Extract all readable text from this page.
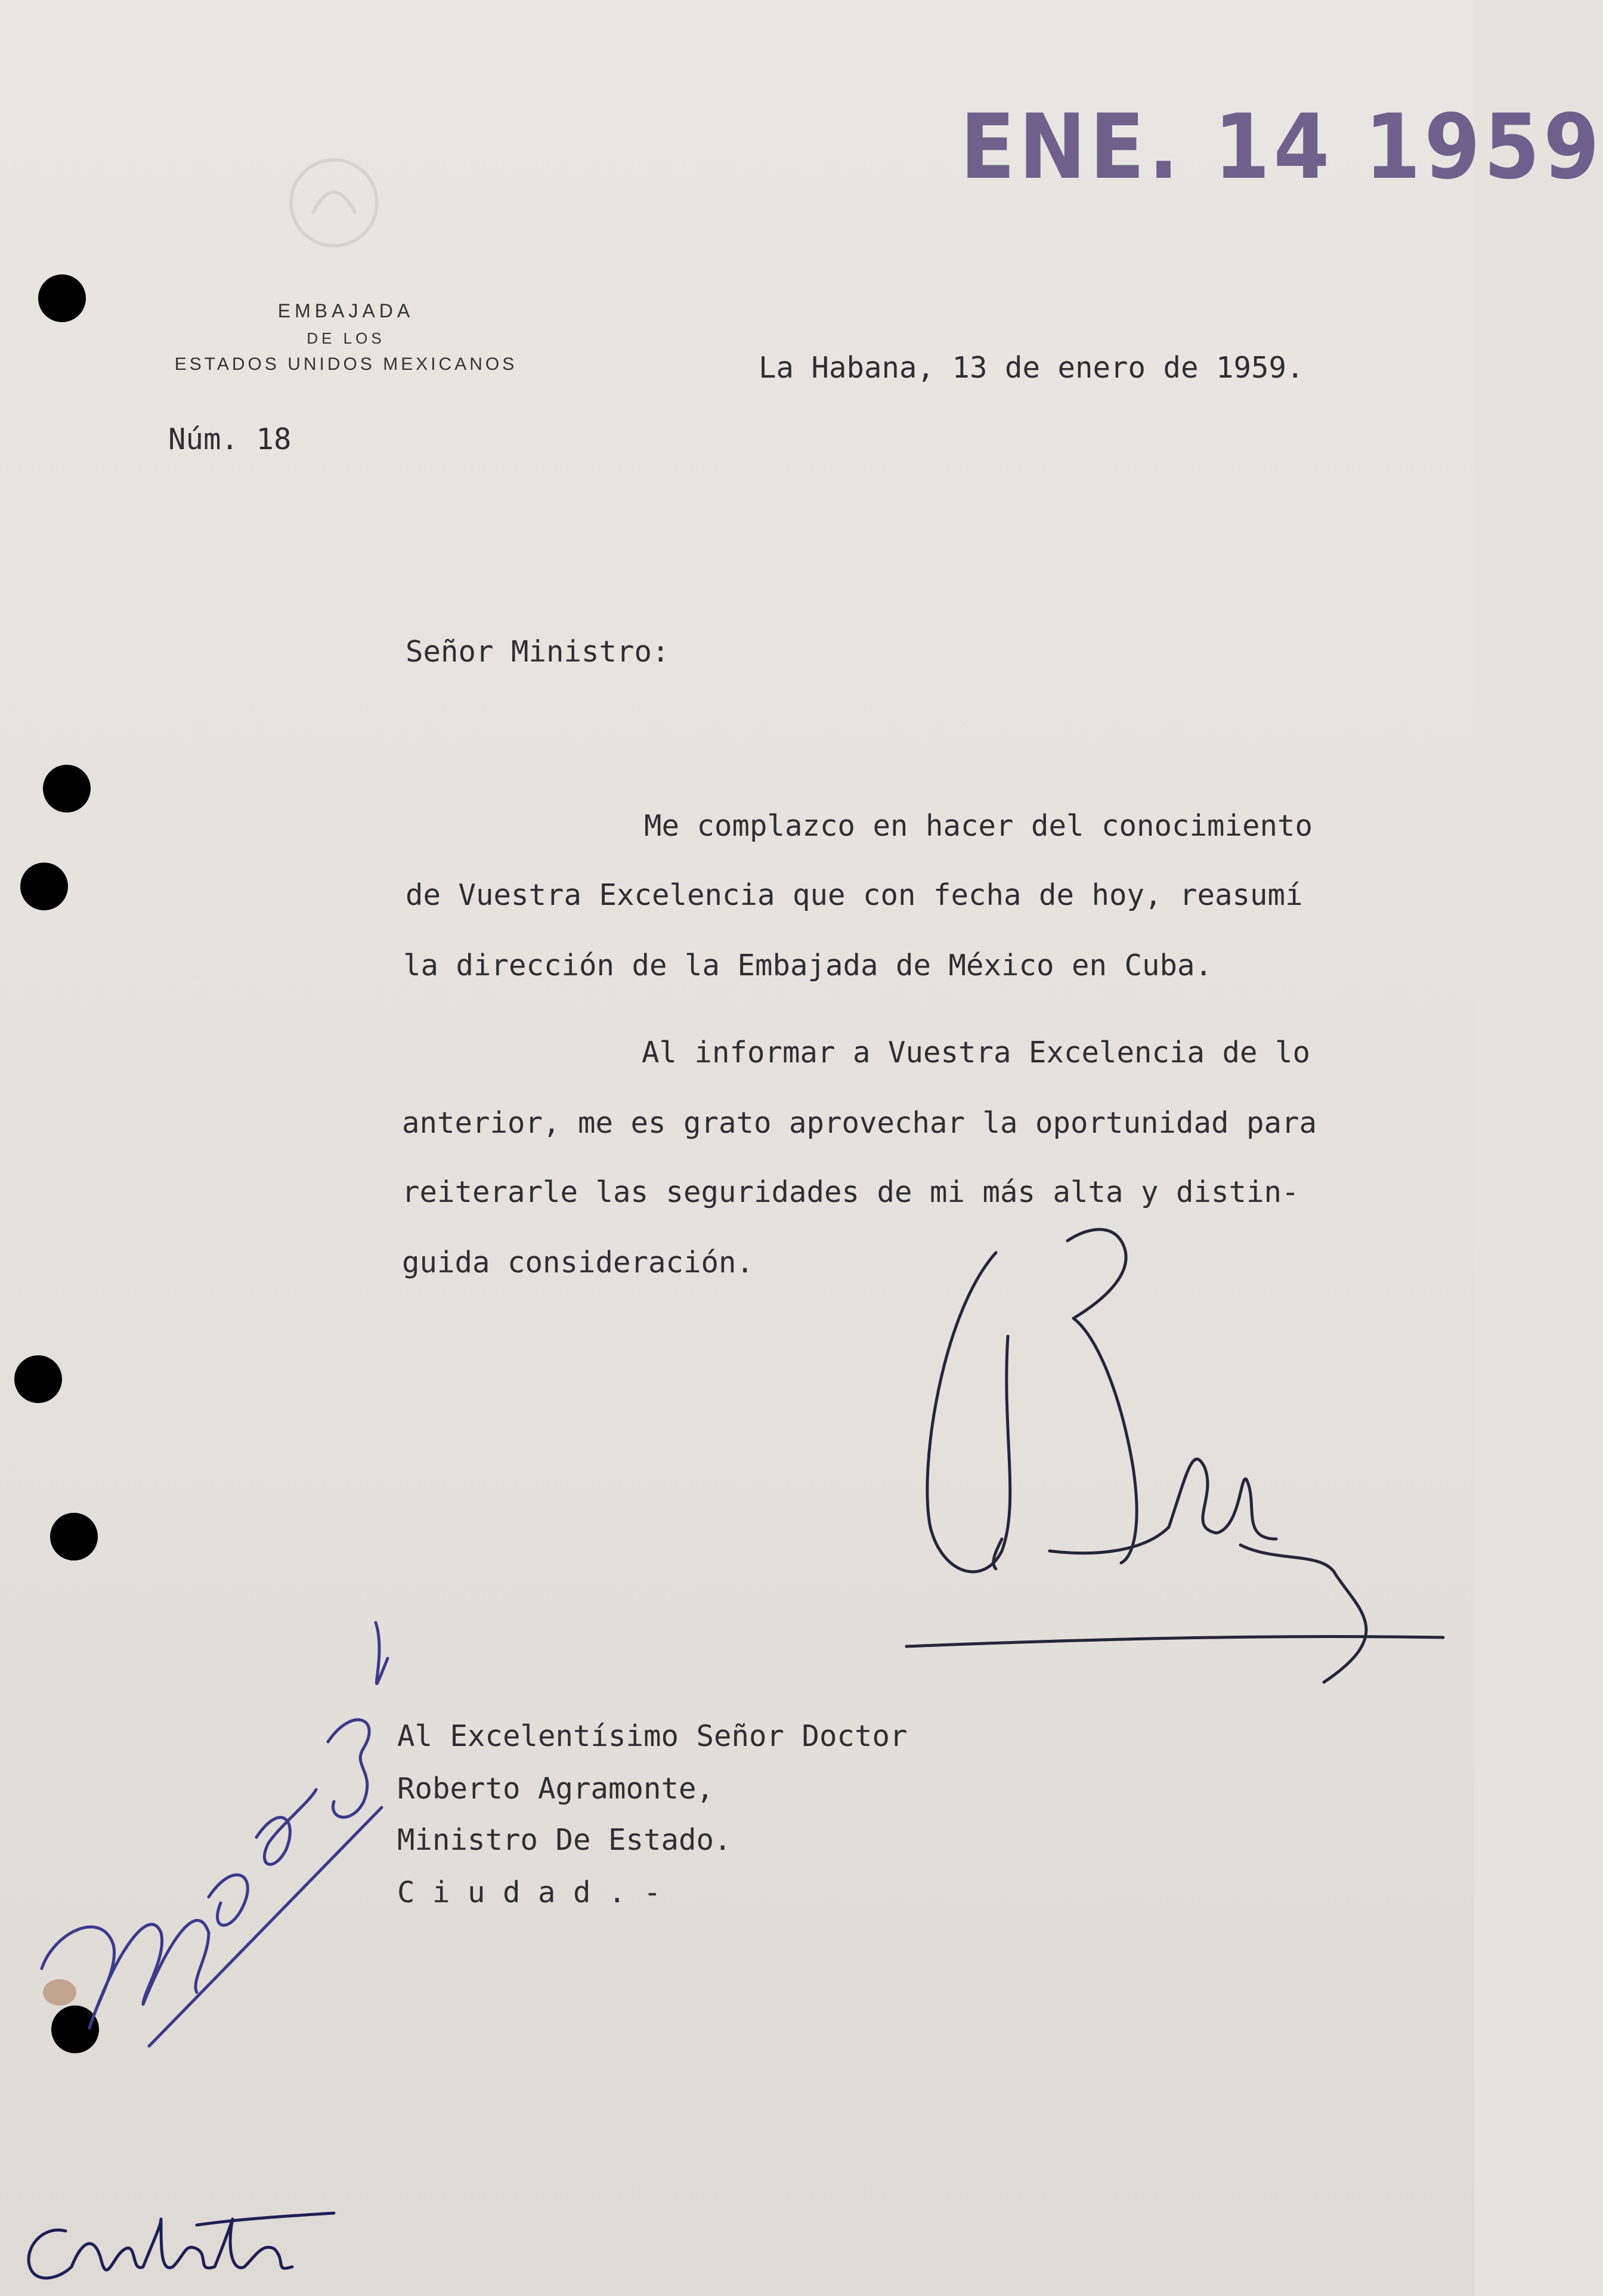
ENE. 14 1959
EMBAJADA
DE LOS
ESTADOS UNIDOS MEXICANOS	La Habana, 13 de enero de 1959.
Núm. 18
Señor Ministro:
Me complazco en hacer del conocimiento
de Vuestra Excelencia que con fecha de hoy, reasumí
la dirección de la Embajada de México en Cuba.
Al informar a Vuestra Excelencia de lo
anterior, me es grato aprovechar la oportunidad para
reiterarle las seguridades de mi más alta y distin-
guida consideración.
Al Excelentísimo Señor Doctor
Roberto Agramonte,
Ministro De Estado.
C i u d a d . -
